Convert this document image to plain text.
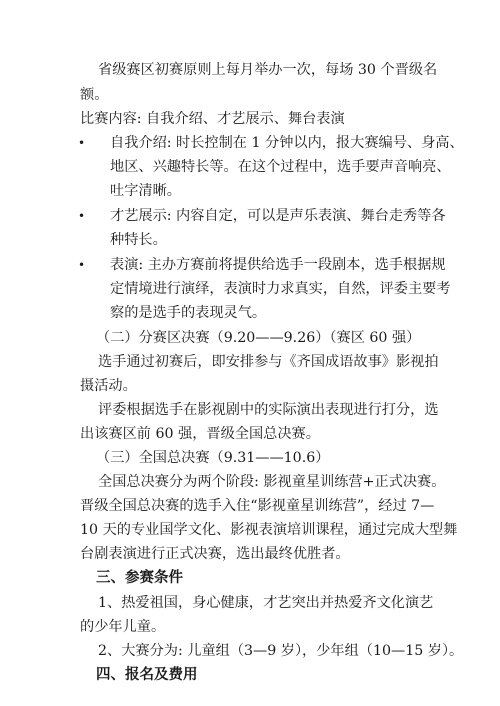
省级赛区初赛原则上每月举办一次，每场 30 个晋级名
额。
比赛内容: 自我介绍、才艺展示、舞台表演
• 自我介绍: 时长控制在 1 分钟以内，报大赛编号、身高、
地区、兴趣特长等。在这个过程中，选手要声音响亮、
吐字清晰。
• 才艺展示: 内容自定，可以是声乐表演、舞台走秀等各
种特长。
• 表演: 主办方赛前将提供给选手一段剧本，选手根据规
定情境进行演绎，表演时力求真实，自然，评委主要考
察的是选手的表现灵气。
（二）分赛区决赛（9.20——9.26）（赛区 60 强）
选手通过初赛后，即安排参与《齐国成语故事》影视拍
摄活动。
评委根据选手在影视剧中的实际演出表现进行打分，选
出该赛区前 60 强，晋级全国总决赛。
（三）全国总决赛（9.31——10.6）
全国总决赛分为两个阶段: 影视童星训练营+正式决赛。
晋级全国总决赛的选手入住“影视童星训练营”，经过 7—
10 天的专业国学文化、影视表演培训课程，通过完成大型舞
台剧表演进行正式决赛，选出最终优胜者。
三、参赛条件
1、热爱祖国，身心健康，才艺突出并热爱齐文化演艺
的少年儿童。
2、大赛分为: 儿童组（3—9 岁），少年组（10—15 岁）。
四、报名及费用
